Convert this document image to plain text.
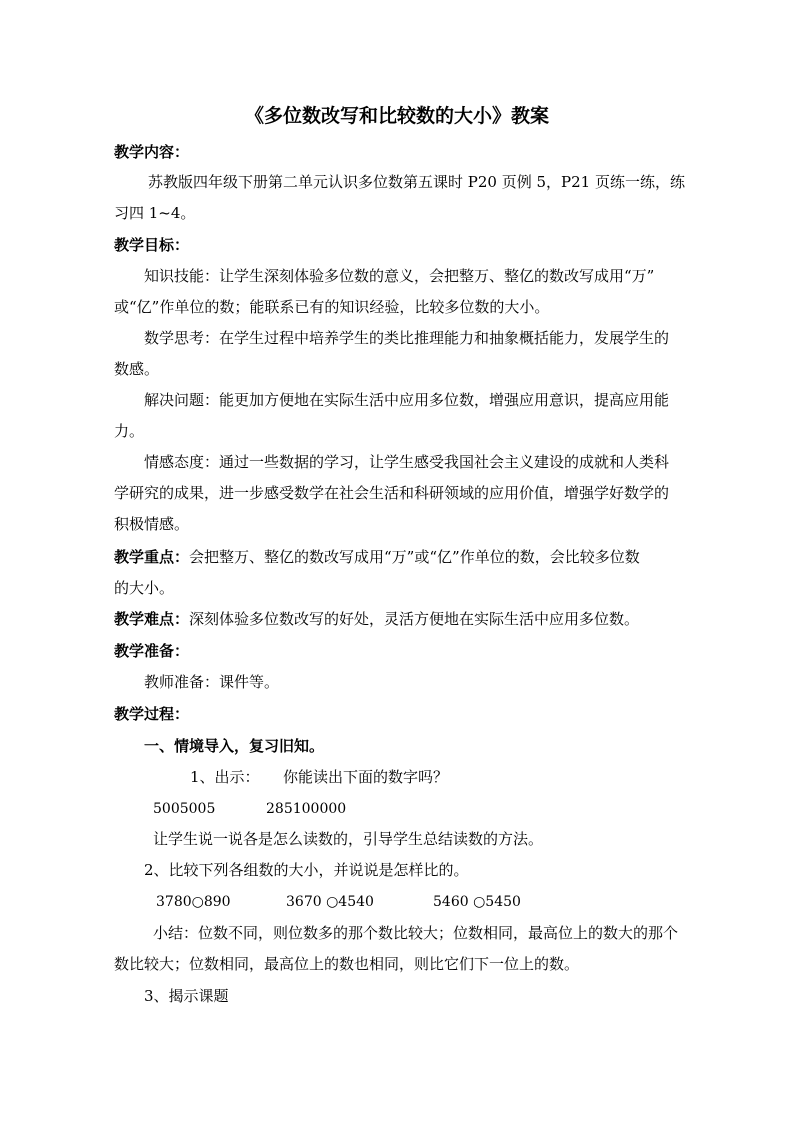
《多位数改写和比较数的大小》教案
教学内容：
苏教版四年级下册第二单元认识多位数第五课时 P20 页例 5，P21 页练一练，练
习四 1~4。
教学目标：
知识技能：让学生深刻体验多位数的意义，会把整万、整亿的数改写成用“万”
或“亿”作单位的数；能联系已有的知识经验，比较多位数的大小。
数学思考：在学生过程中培养学生的类比推理能力和抽象概括能力，发展学生的
数感。
解决问题：能更加方便地在实际生活中应用多位数，增强应用意识，提高应用能
力。
情感态度：通过一些数据的学习，让学生感受我国社会主义建设的成就和人类科
学研究的成果，进一步感受数学在社会生活和科研领域的应用价值，增强学好数学的
积极情感。
教学重点：会把整万、整亿的数改写成用“万”或“亿”作单位的数，会比较多位数
的大小。
教学难点：深刻体验多位数改写的好处，灵活方便地在实际生活中应用多位数。
教学准备：
教师准备：课件等。
教学过程：
一、情境导入，复习旧知。
1、出示：	你能读出下面的数字吗？
5005005	285100000
让学生说一说各是怎么读数的，引导学生总结读数的方法。
2、比较下列各组数的大小，并说说是怎样比的。
3780○890	3670 ○4540	5460 ○5450
小结：位数不同，则位数多的那个数比较大；位数相同，最高位上的数大的那个
数比较大；位数相同，最高位上的数也相同，则比它们下一位上的数。
3、揭示课题
